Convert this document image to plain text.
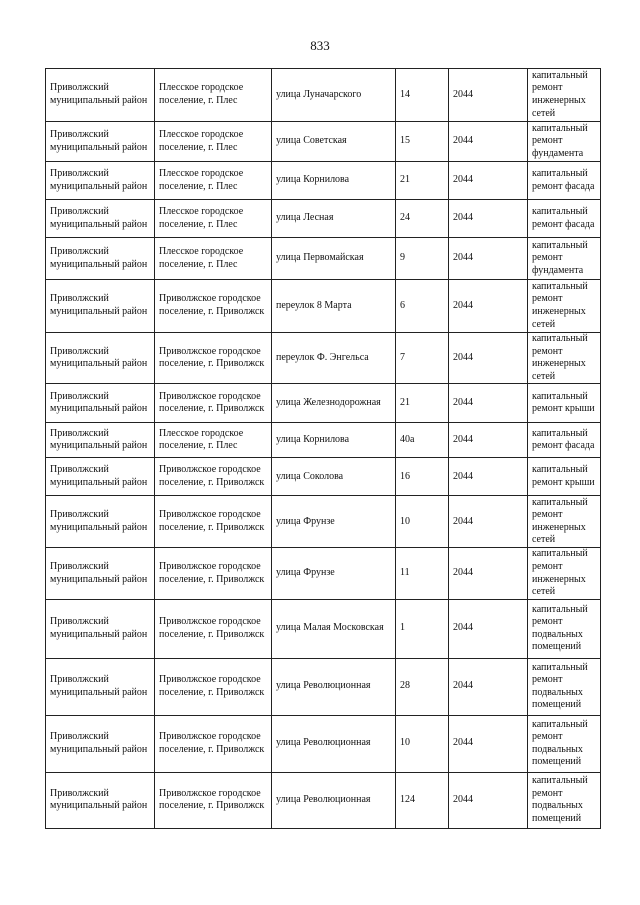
833
Приволжский муниципальный район	Плесское городское поселение, г. Плес	улица Луначарского	14	2044	капитальный ремонт инженерных сетей
Приволжский муниципальный район	Плесское городское поселение, г. Плес	улица Советская	15	2044	капитальный ремонт фундамента
Приволжский муниципальный район	Плесское городское поселение, г. Плес	улица Корнилова	21	2044	капитальный ремонт фасада
Приволжский муниципальный район	Плесское городское поселение, г. Плес	улица Лесная	24	2044	капитальный ремонт фасада
Приволжский муниципальный район	Плесское городское поселение, г. Плес	улица Первомайская	9	2044	капитальный ремонт фундамента
Приволжский муниципальный район	Приволжское городское поселение, г. Приволжск	переулок 8 Марта	6	2044	капитальный ремонт инженерных сетей
Приволжский муниципальный район	Приволжское городское поселение, г. Приволжск	переулок Ф. Энгельса	7	2044	капитальный ремонт инженерных сетей
Приволжский муниципальный район	Приволжское городское поселение, г. Приволжск	улица Железнодорожная	21	2044	капитальный ремонт крыши
Приволжский муниципальный район	Плесское городское поселение, г. Плес	улица Корнилова	40а	2044	капитальный ремонт фасада
Приволжский муниципальный район	Приволжское городское поселение, г. Приволжск	улица Соколова	16	2044	капитальный ремонт крыши
Приволжский муниципальный район	Приволжское городское поселение, г. Приволжск	улица Фрунзе	10	2044	капитальный ремонт инженерных сетей
Приволжский муниципальный район	Приволжское городское поселение, г. Приволжск	улица Фрунзе	11	2044	капитальный ремонт инженерных сетей
Приволжский муниципальный район	Приволжское городское поселение, г. Приволжск	улица Малая Московская	1	2044	капитальный ремонт подвальных помещений
Приволжский муниципальный район	Приволжское городское поселение, г. Приволжск	улица Революционная	28	2044	капитальный ремонт подвальных помещений
Приволжский муниципальный район	Приволжское городское поселение, г. Приволжск	улица Революционная	10	2044	капитальный ремонт подвальных помещений
Приволжский муниципальный район	Приволжское городское поселение, г. Приволжск	улица Революционная	124	2044	капитальный ремонт подвальных помещений
